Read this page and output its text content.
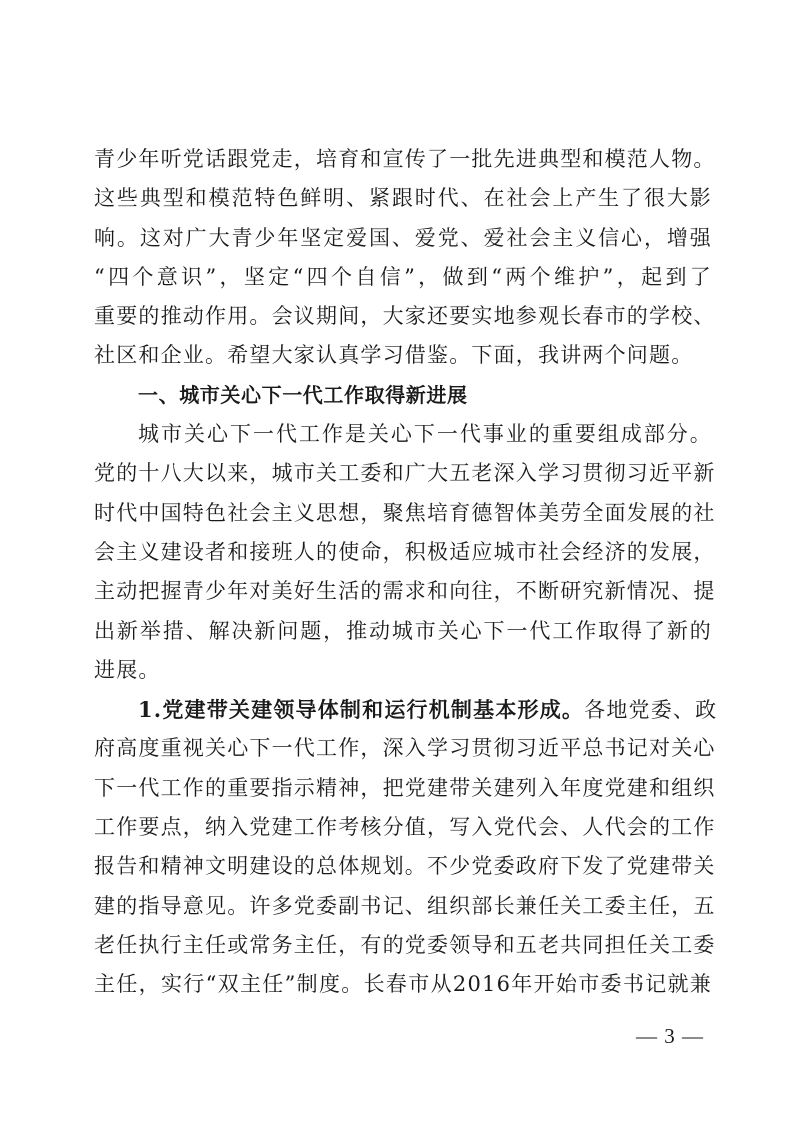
青少年听党话跟党走，培育和宣传了一批先进典型和模范人物。
这些典型和模范特色鲜明、紧跟时代、在社会上产生了很大影
响。这对广大青少年坚定爱国、爱党、爱社会主义信心，增强
“四个意识”，坚定“四个自信”，做到“两个维护”，起到了
重要的推动作用。会议期间，大家还要实地参观长春市的学校、
社区和企业。希望大家认真学习借鉴。下面，我讲两个问题。
一、城市关心下一代工作取得新进展
城市关心下一代工作是关心下一代事业的重要组成部分。
党的十八大以来，城市关工委和广大五老深入学习贯彻习近平新
时代中国特色社会主义思想，聚焦培育德智体美劳全面发展的社
会主义建设者和接班人的使命，积极适应城市社会经济的发展，
主动把握青少年对美好生活的需求和向往，不断研究新情况、提
出新举措、解决新问题，推动城市关心下一代工作取得了新的
进展。
1.党建带关建领导体制和运行机制基本形成。各地党委、政
府高度重视关心下一代工作，深入学习贯彻习近平总书记对关心
下一代工作的重要指示精神，把党建带关建列入年度党建和组织
工作要点，纳入党建工作考核分值，写入党代会、人代会的工作
报告和精神文明建设的总体规划。不少党委政府下发了党建带关
建的指导意见。许多党委副书记、组织部长兼任关工委主任，五
老任执行主任或常务主任，有的党委领导和五老共同担任关工委
主任，实行“双主任”制度。长春市从2016年开始市委书记就兼
— 3 —
